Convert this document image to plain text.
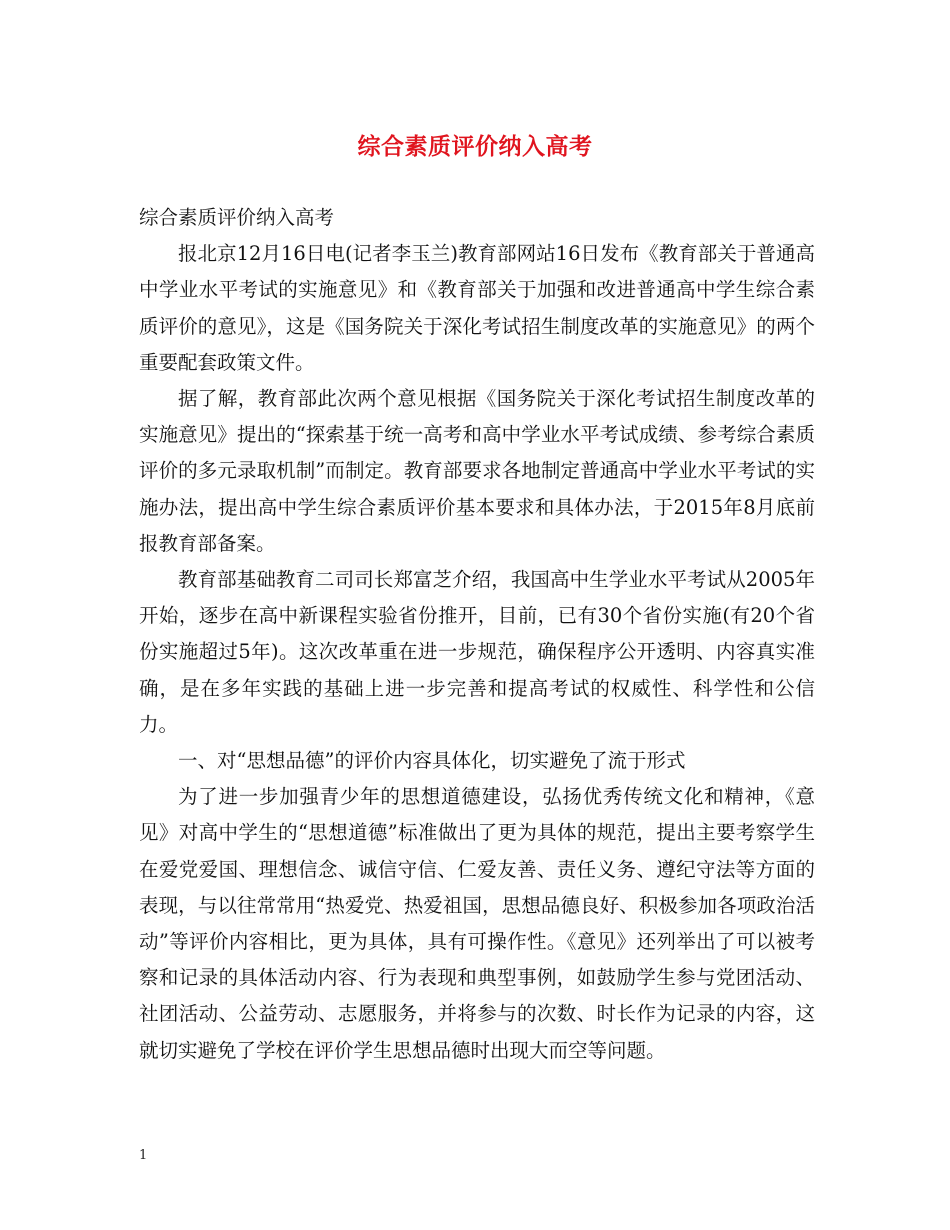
综合素质评价纳入高考

综合素质评价纳入高考

报北京12月16日电(记者李玉兰)教育部网站16日发布《教育部关于普通高中学业水平考试的实施意见》和《教育部关于加强和改进普通高中学生综合素质评价的意见》，这是《国务院关于深化考试招生制度改革的实施意见》的两个重要配套政策文件。

据了解，教育部此次两个意见根据《国务院关于深化考试招生制度改革的实施意见》提出的“探索基于统一高考和高中学业水平考试成绩、参考综合素质评价的多元录取机制”而制定。教育部要求各地制定普通高中学业水平考试的实施办法，提出高中学生综合素质评价基本要求和具体办法，于2015年8月底前报教育部备案。

教育部基础教育二司司长郑富芝介绍，我国高中生学业水平考试从2005年开始，逐步在高中新课程实验省份推开，目前，已有30个省份实施(有20个省份实施超过5年)。这次改革重在进一步规范，确保程序公开透明、内容真实准确，是在多年实践的基础上进一步完善和提高考试的权威性、科学性和公信力。

一、对“思想品德”的评价内容具体化，切实避免了流于形式

为了进一步加强青少年的思想道德建设，弘扬优秀传统文化和精神，《意见》对高中学生的“思想道德”标准做出了更为具体的规范，提出主要考察学生在爱党爱国、理想信念、诚信守信、仁爱友善、责任义务、遵纪守法等方面的表现，与以往常常用“热爱党、热爱祖国，思想品德良好、积极参加各项政治活动”等评价内容相比，更为具体，具有可操作性。《意见》还列举出了可以被考察和记录的具体活动内容、行为表现和典型事例，如鼓励学生参与党团活动、社团活动、公益劳动、志愿服务，并将参与的次数、时长作为记录的内容，这就切实避免了学校在评价学生思想品德时出现大而空等问题。

1
